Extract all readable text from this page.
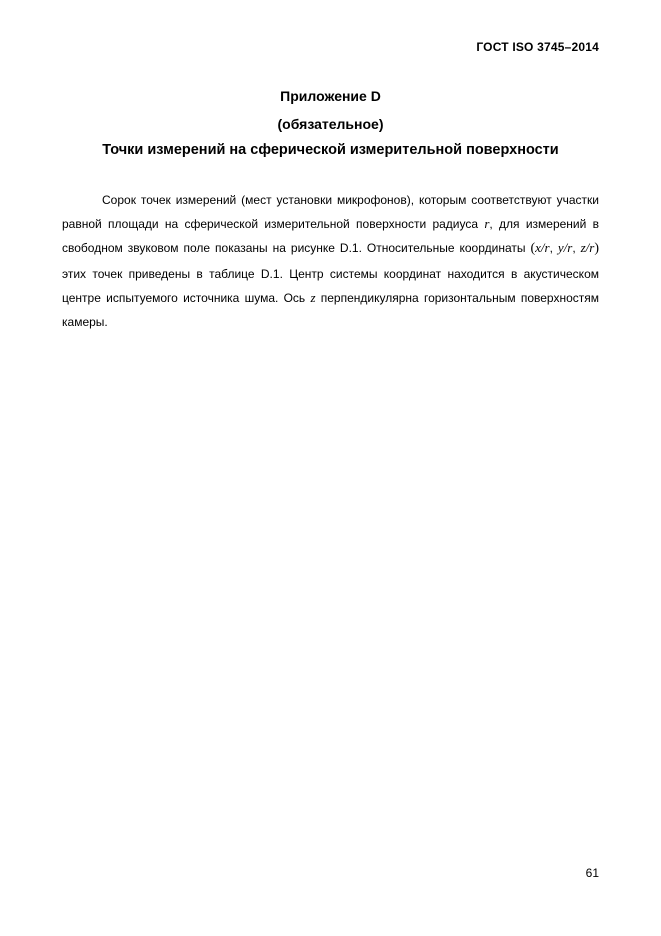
ГОСТ ISO 3745–2014
Приложение D
(обязательное)
Точки измерений на сферической измерительной поверхности

Сорок точек измерений (мест установки микрофонов), которым соответствуют участки равной площади на сферической измерительной поверхности радиуса r, для измерений в свободном звуковом поле показаны на рисунке D.1. Относительные координаты (x/r, y/r, z/r) этих точек приведены в таблице D.1. Центр системы координат находится в акустическом центре испытуемого источника шума. Ось z перпендикулярна горизонтальным поверхностям камеры.

61
